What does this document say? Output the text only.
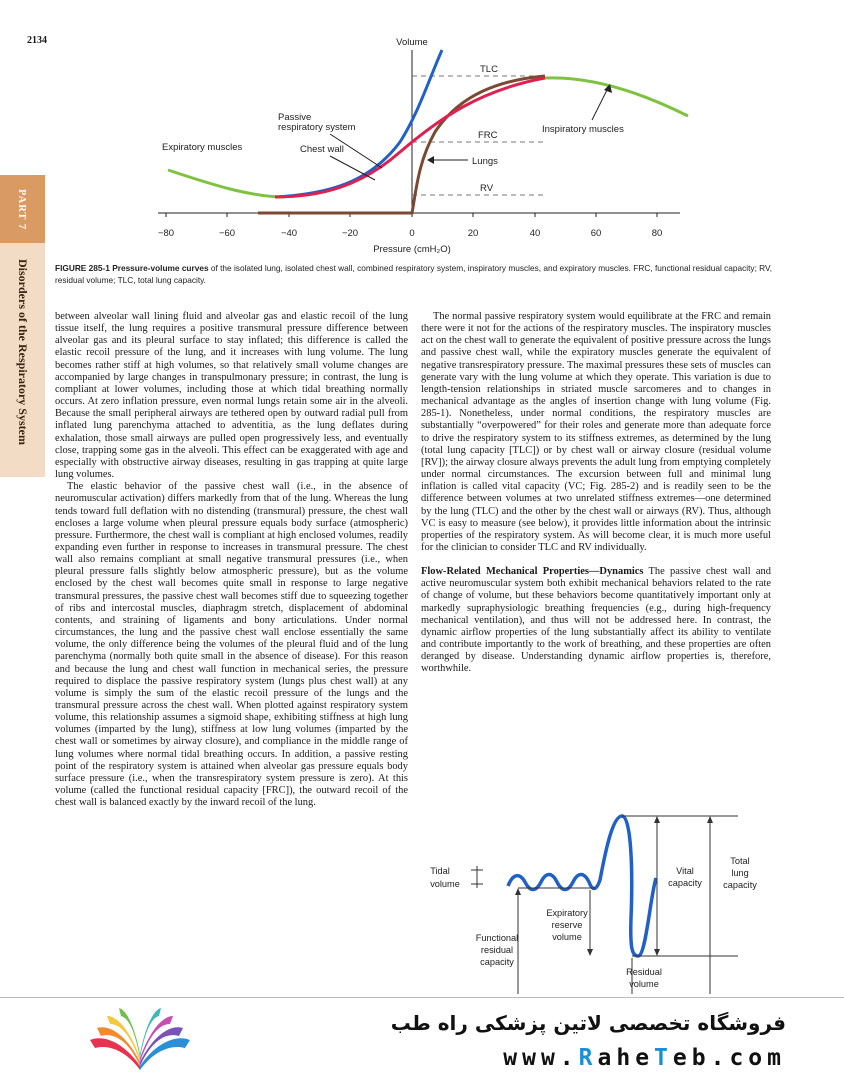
2134
PART 7
Disorders of the Respiratory System
−80	−60	−40	−20	0	20	40	60	80
Pressure (cmH₂O)
Volume
TLC
FRC
RV
Passive
respiratory system
Chest wall
Lungs
Expiratory muscles
Inspiratory muscles
FIGURE 285-1 Pressure-volume curves of the isolated lung, isolated chest wall, combined respiratory system, inspiratory muscles, and expiratory muscles. FRC, functional residual capacity; RV, residual volume; TLC, total lung capacity.

between alveolar wall lining fluid and alveolar gas and elastic recoil of the lung tissue itself, the lung requires a positive transmural pressure difference between alveolar gas and its pleural surface to stay inflated; this difference is called the elastic recoil pressure of the lung, and it increases with lung volume. The lung becomes rather stiff at high volumes, so that relatively small volume changes are accompanied by large changes in transpulmonary pressure; in contrast, the lung is compliant at lower volumes, including those at which tidal breathing normally occurs. At zero inflation pressure, even normal lungs retain some air in the alveoli. Because the small peripheral airways are tethered open by outward radial pull from inflated lung parenchyma attached to adventitia, as the lung deflates during exhalation, those small airways are pulled open progressively less, and eventually close, trapping some gas in the alveoli. This effect can be exaggerated with age and especially with obstructive airway diseases, resulting in gas trapping at quite large lung volumes.

The elastic behavior of the passive chest wall (i.e., in the absence of neuromuscular activation) differs markedly from that of the lung. Whereas the lung tends toward full deflation with no distending (transmural) pressure, the chest wall encloses a large volume when pleural pressure equals body surface (atmospheric) pressure. Furthermore, the chest wall is compliant at high enclosed volumes, readily expanding even further in response to increases in transmural pressure. The chest wall also remains compliant at small negative transmural pressures (i.e., when pleural pressure falls slightly below atmospheric pressure), but as the volume enclosed by the chest wall becomes quite small in response to large negative transmural pressures, the passive chest wall becomes stiff due to squeezing together of ribs and intercostal muscles, diaphragm stretch, displacement of abdominal contents, and straining of ligaments and bony articulations. Under normal circumstances, the lung and the passive chest wall enclose essentially the same volume, the only difference being the volumes of the pleural fluid and of the lung parenchyma (normally both quite small in the absence of disease). For this reason and because the lung and chest wall function in mechanical series, the pressure required to displace the passive respiratory system (lungs plus chest wall) at any volume is simply the sum of the elastic recoil pressure of the lungs and the transmural pressure across the chest wall. When plotted against respiratory system volume, this relationship assumes a sigmoid shape, exhibiting stiffness at high lung volumes (imparted by the lung), stiffness at low lung volumes (imparted by the chest wall or sometimes by airway closure), and compliance in the middle range of lung volumes where normal tidal breathing occurs. In addition, a passive resting point of the respiratory system is attained when alveolar gas pressure equals body surface pressure (i.e., when the transrespiratory system pressure is zero). At this volume (called the functional residual capacity [FRC]), the outward recoil of the chest wall is balanced exactly by the inward recoil of the lung.

The normal passive respiratory system would equilibrate at the FRC and remain there were it not for the actions of the respiratory muscles. The inspiratory muscles act on the chest wall to generate the equivalent of positive pressure across the lungs and passive chest wall, while the expiratory muscles generate the equivalent of negative transrespiratory pressure. The maximal pressures these sets of muscles can generate vary with the lung volume at which they operate. This variation is due to length-tension relationships in striated muscle sarcomeres and to changes in mechanical advantage as the angles of insertion change with lung volume (Fig. 285-1). Nonetheless, under normal conditions, the respiratory muscles are substantially “overpowered” for their roles and generate more than adequate force to drive the respiratory system to its stiffness extremes, as determined by the lung (total lung capacity [TLC]) or by chest wall or airway closure (residual volume [RV]); the airway closure always prevents the adult lung from emptying completely under normal circumstances. The excursion between full and minimal lung inflation is called vital capacity (VC; Fig. 285-2) and is readily seen to be the difference between volumes at two unrelated stiffness extremes—one determined by the lung (TLC) and the other by the chest wall or airways (RV). Thus, although VC is easy to measure (see below), it provides little information about the intrinsic properties of the respiratory system. As will become clear, it is much more useful for the clinician to consider TLC and RV individually.

Flow-Related Mechanical Properties—Dynamics The passive chest wall and active neuromuscular system both exhibit mechanical behaviors related to the rate of change of volume, but these behaviors become quantitatively important only at markedly supraphysiologic breathing frequencies (e.g., during high-frequency mechanical ventilation), and thus will not be addressed here. In contrast, the dynamic airflow properties of the lung substantially affect its ability to ventilate and contribute importantly to the work of breathing, and these properties are often deranged by disease. Understanding dynamic airflow properties is, therefore, worthwhile.

Tidal
volume
Expiratory
reserve
volume
Functional
residual
capacity
Vital
capacity
Total
lung
capacity
Residual
volume
فروشگاه تخصصی لاتین پزشکی راه طب
www.RaheTeb.com
